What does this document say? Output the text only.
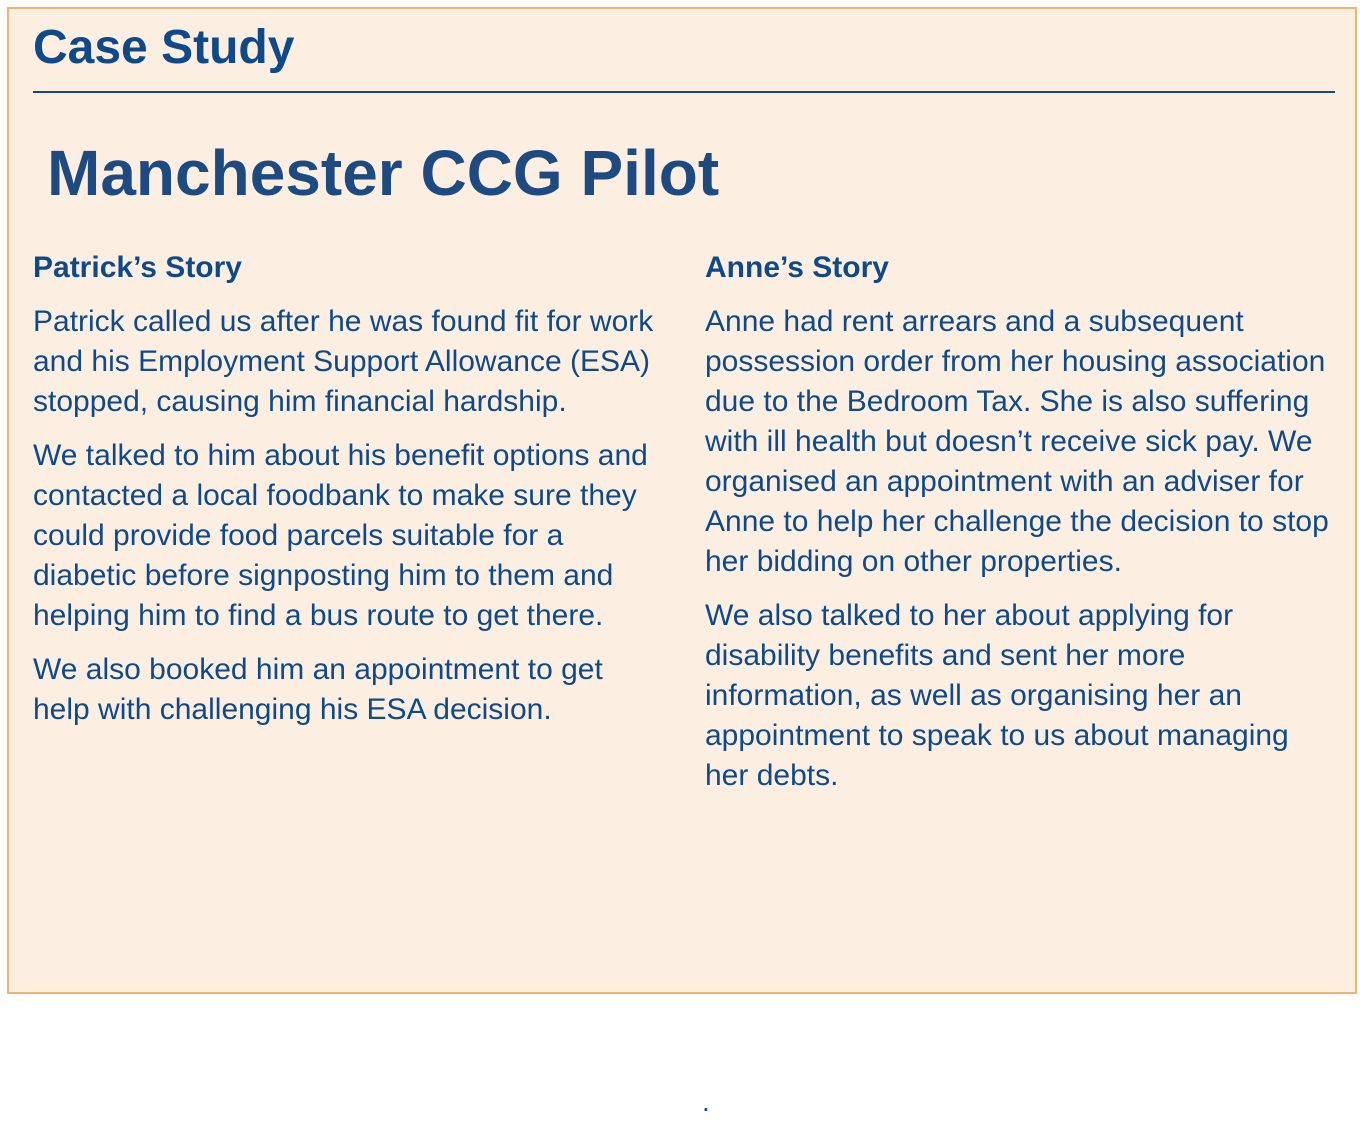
Case Study
Manchester CCG Pilot
Patrick’s Story

Patrick called us after he was found fit for work and his Employment Support Allowance (ESA) stopped, causing him financial hardship.

We talked to him about his benefit options and contacted a local foodbank to make sure they could provide food parcels suitable for a diabetic before signposting him to them and helping him to find a bus route to get there.

We also booked him an appointment to get help with challenging his ESA decision.

Anne’s Story

Anne had rent arrears and a subsequent possession order from her housing association due to the Bedroom Tax. She is also suffering with ill health but doesn’t receive sick pay. We organised an appointment with an adviser for Anne to help her challenge the decision to stop her bidding on other properties.

We also talked to her about applying for disability benefits and sent her more information, as well as organising her an appointment to speak to us about managing her debts.

.
